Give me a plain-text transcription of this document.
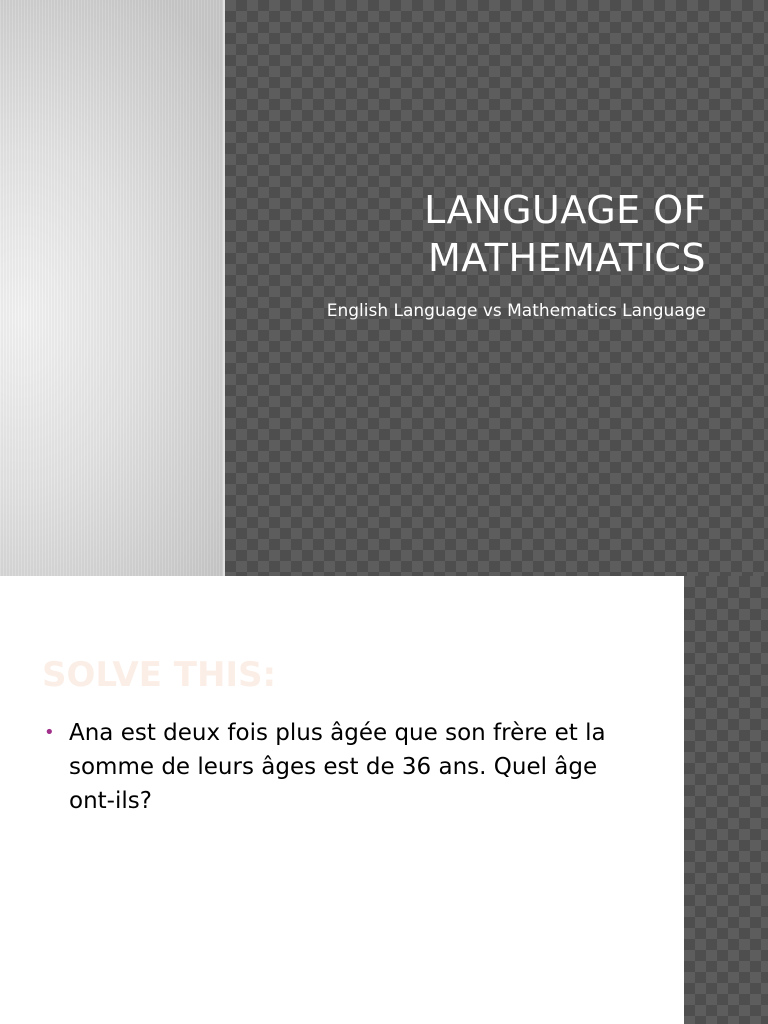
LANGUAGE OF MATHEMATICS
English Language vs Mathematics Language
SOLVE THIS:
• Ana est deux fois plus âgée que son frère et la somme de leurs âges est de 36 ans. Quel âge ont-ils?
